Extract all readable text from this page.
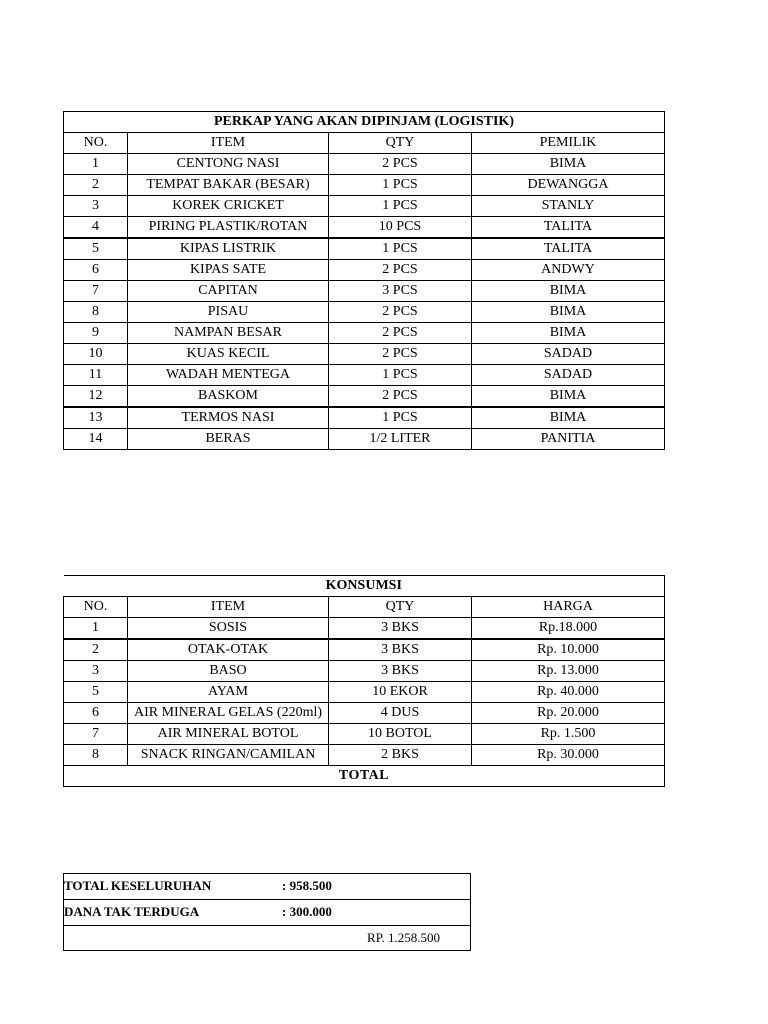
PERKAP YANG AKAN DIPINJAM (LOGISTIK)			
NO.	ITEM	QTY	PEMILIK
1	CENTONG NASI	2 PCS	BIMA
2	TEMPAT BAKAR (BESAR)	1 PCS	DEWANGGA
3	KOREK CRICKET	1 PCS	STANLY
4	PIRING PLASTIK/ROTAN	10 PCS	TALITA
5	KIPAS LISTRIK	1 PCS	TALITA
6	KIPAS SATE	2 PCS	ANDWY
7	CAPITAN	3 PCS	BIMA
8	PISAU	2 PCS	BIMA
9	NAMPAN BESAR	2 PCS	BIMA
10	KUAS KECIL	2 PCS	SADAD
11	WADAH MENTEGA	1 PCS	SADAD
12	BASKOM	2 PCS	BIMA
13	TERMOS NASI	1 PCS	BIMA
14	BERAS	1/2 LITER	PANITIA
KONSUMSI			
NO.	ITEM	QTY	HARGA
1	SOSIS	3 BKS	Rp.18.000
2	OTAK-OTAK	3 BKS	Rp. 10.000
3	BASO	3 BKS	Rp. 13.000
5	AYAM	10 EKOR	Rp. 40.000
6	AIR MINERAL GELAS (220ml)	4 DUS	Rp. 20.000
7	AIR MINERAL BOTOL	10 BOTOL	Rp. 1.500
8	SNACK RINGAN/CAMILAN	2 BKS	Rp. 30.000
TOTAL			
TOTAL KESELURUHAN	: 958.500
DANA TAK TERDUGA	: 300.000
RP. 1.258.500
